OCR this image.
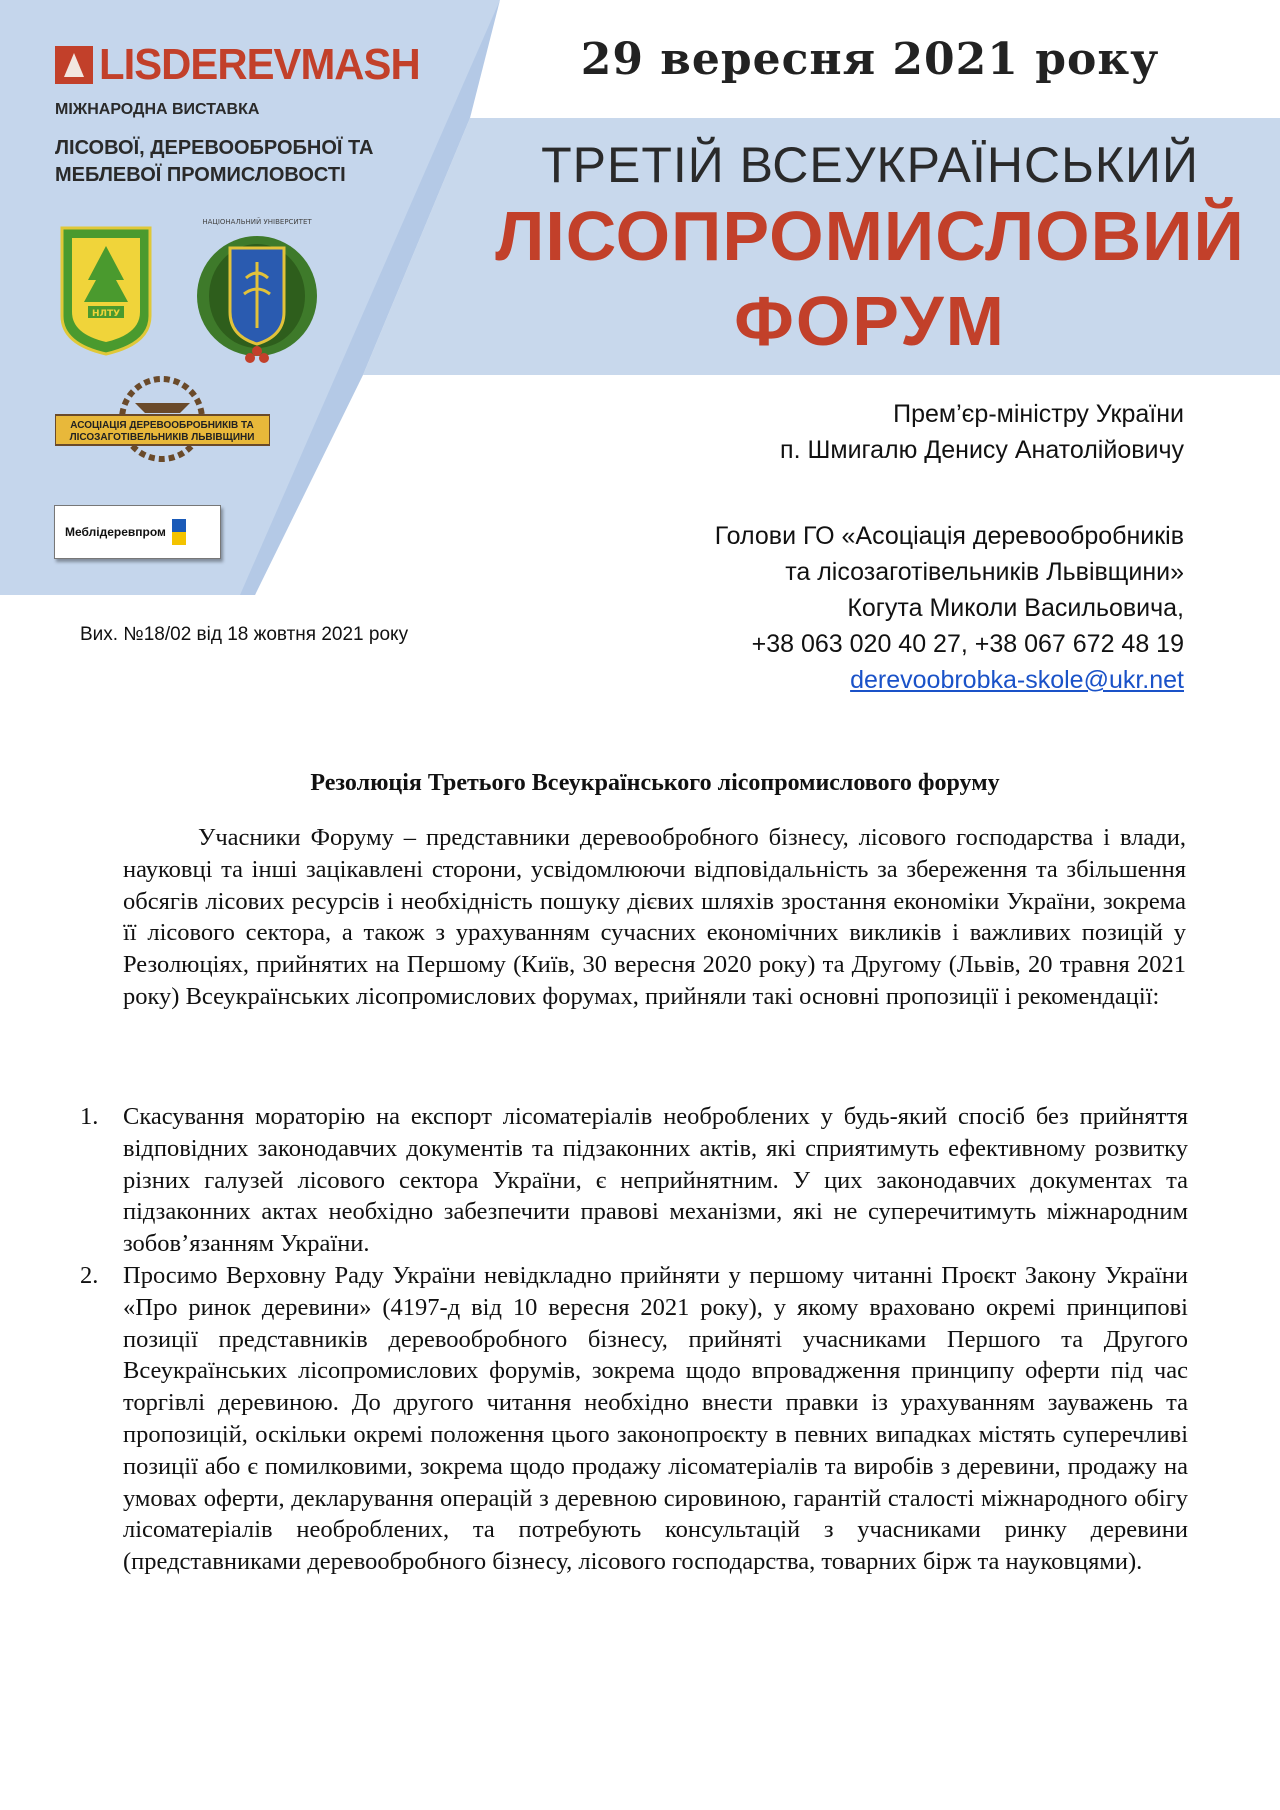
LISDEREVMASH
МІЖНАРОДНА ВИСТАВКА
ЛІСОВОЇ, ДЕРЕВООБРОБНОЇ ТА МЕБЛЕВОЇ ПРОМИСЛОВОСТІ
НЛТУ
НАЦІОНАЛЬНИЙ УНІВЕРСИТЕТ
АСОЦІАЦІЯ ДЕРЕВООБРОБНИКІВ ТА
ЛІСОЗАГОТІВЕЛЬНИКІВ ЛЬВІВЩИНИ
Меблідеревпром
29 вересня 2021 року
ТРЕТІЙ ВСЕУКРАЇНСЬКИЙ
ЛІСОПРОМИСЛОВИЙ
ФОРУМ
Прем’єр-міністру України
п. Шмигалю Денису Анатолійовичу
Голови ГО «Асоціація деревообробників
та лісозаготівельників Львівщини»
Когута Миколи Васильовича,
+38 063 020 40 27, +38 067 672 48 19
derevoobrobka-skole@ukr.net
Вих. №18/02 від 18 жовтня 2021 року
Резолюція Третього Всеукраїнського лісопромислового форуму

Учасники Форуму – представники деревообробного бізнесу, лісового господарства і влади, науковці та інші зацікавлені сторони, усвідомлюючи відповідальність за збереження та збільшення обсягів лісових ресурсів і необхідність пошуку дієвих шляхів зростання економіки України, зокрема її лісового сектора, а також з урахуванням сучасних економічних викликів і важливих позицій у Резолюціях, прийнятих на Першому (Київ, 30 вересня 2020 року) та Другому (Львів, 20 травня 2021 року) Всеукраїнських лісопромислових форумах, прийняли такі основні пропозиції і рекомендації:

1. Скасування мораторію на експорт лісоматеріалів необроблених у будь-який спосіб без прийняття відповідних законодавчих документів та підзаконних актів, які сприятимуть ефективному розвитку різних галузей лісового сектора України, є неприйнятним. У цих законодавчих документах та підзаконних актах необхідно забезпечити правові механізми, які не суперечитимуть міжнародним зобов’язанням України.
2. Просимо Верховну Раду України невідкладно прийняти у першому читанні Проєкт Закону України «Про ринок деревини» (4197-д від 10 вересня 2021 року), у якому враховано окремі принципові позиції представників деревообробного бізнесу, прийняті учасниками Першого та Другого Всеукраїнських лісопромислових форумів, зокрема щодо впровадження принципу оферти під час торгівлі деревиною. До другого читання необхідно внести правки із урахуванням зауважень та пропозицій, оскільки окремі положення цього законопроєкту в певних випадках містять суперечливі позиції або є помилковими, зокрема щодо продажу лісоматеріалів та виробів з деревини, продажу на умовах оферти, декларування операцій з деревною сировиною, гарантій сталості міжнародного обігу лісоматеріалів необроблених, та потребують консультацій з учасниками ринку деревини (представниками деревообробного бізнесу, лісового господарства, товарних бірж та науковцями).
